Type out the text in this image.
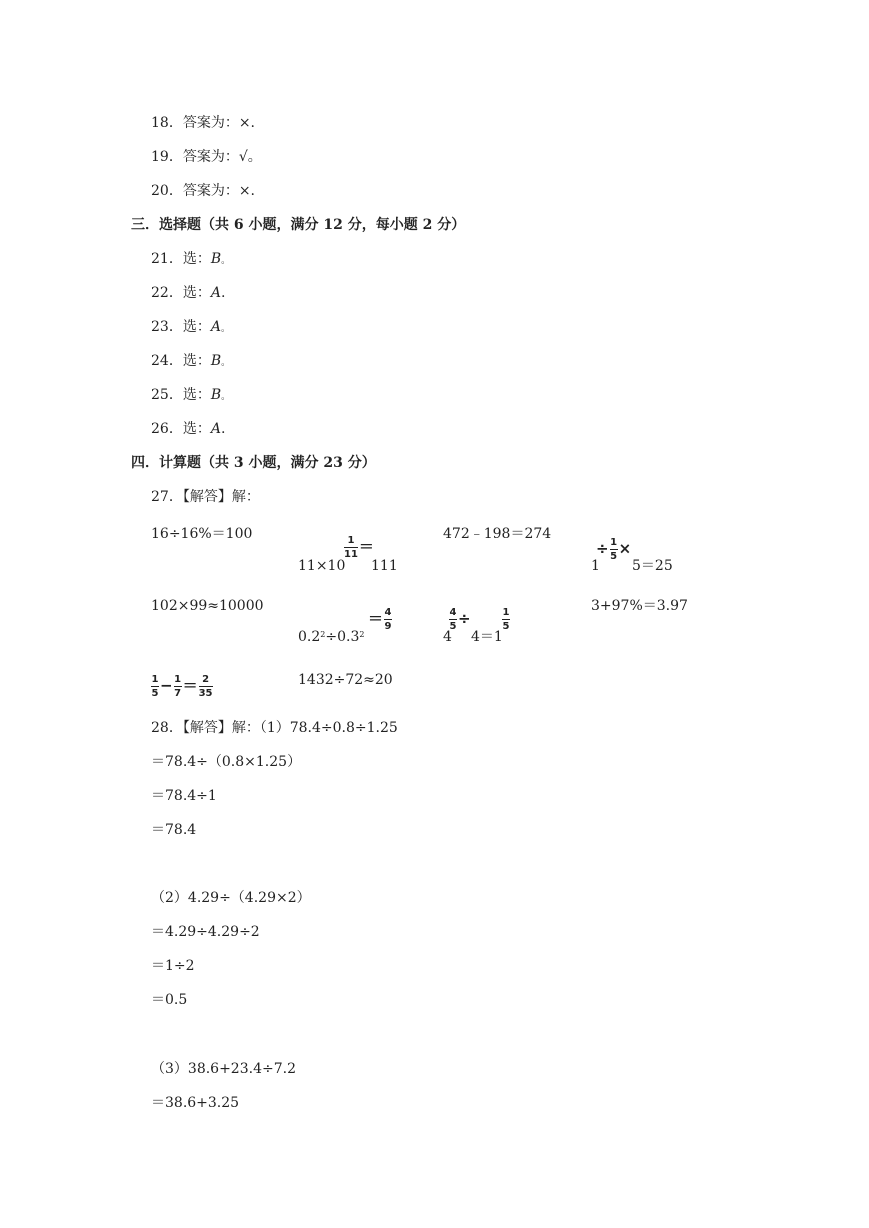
18．答案为：×.
19．答案为：√。
20．答案为：×.
三．选择题（共 6 小题，满分 12 分，每小题 2 分）
21．选：B。
22．选：A.
23．选：A。
24．选：B。
25．选：B。
26．选：A.
四．计算题（共 3 小题，满分 23 分）
27．【解答】解：
16÷16%＝100
$\frac{1}{11}$ ＝
11×10 111
472﹣198＝274
÷ $\frac{1}{5}$ ×
1 5＝25
102×99≈10000
＝ $\frac{4}{9}$
$0.2^2\div 0.3^2$
$\frac{4}{5}$ ÷
4 4＝1
$\frac{1}{5}$
3+97%＝3.97
$\frac{1}{5} - \frac{1}{7} = \frac{2}{35}$	1432÷72≈20
28．【解答】解：（1）78.4÷0.8÷1.25
＝78.4÷（0.8×1.25）
＝78.4÷1
＝78.4
（2）4.29÷（4.29×2）
＝4.29÷4.29÷2
＝1÷2
＝0.5
（3）38.6+23.4÷7.2
＝38.6+3.25
